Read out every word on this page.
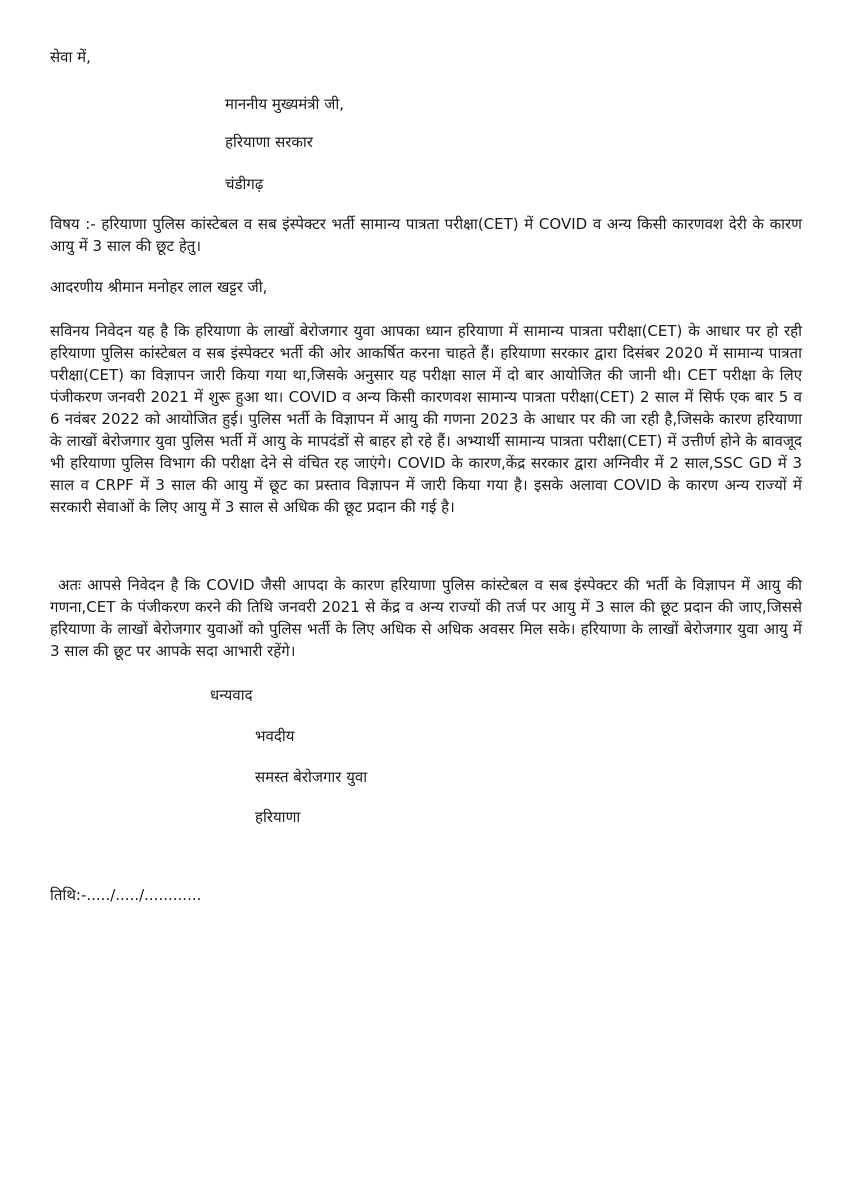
सेवा में,
माननीय मुख्यमंत्री जी,
हरियाणा सरकार
चंडीगढ़
विषय :- हरियाणा पुलिस कांस्टेबल व सब इंस्पेक्टर भर्ती सामान्य पात्रता परीक्षा(CET) में COVID व अन्य किसी कारणवश देरी के कारण आयु में 3 साल की छूट हेतु।
आदरणीय श्रीमान मनोहर लाल खट्टर जी,
सविनय निवेदन यह है कि हरियाणा के लाखों बेरोजगार युवा आपका ध्यान हरियाणा में सामान्य पात्रता परीक्षा(CET) के आधार पर हो रही हरियाणा पुलिस कांस्टेबल व सब इंस्पेक्टर भर्ती की ओर आकर्षित करना चाहते हैं। हरियाणा सरकार द्वारा दिसंबर 2020 में सामान्य पात्रता परीक्षा(CET) का विज्ञापन जारी किया गया था,जिसके अनुसार यह परीक्षा साल में दो बार आयोजित की जानी थी। CET परीक्षा के लिए पंजीकरण जनवरी 2021 में शुरू हुआ था। COVID व अन्य किसी कारणवश सामान्य पात्रता परीक्षा(CET) 2 साल में सिर्फ एक बार 5 व 6 नवंबर 2022 को आयोजित हुई। पुलिस भर्ती के विज्ञापन में आयु की गणना 2023 के आधार पर की जा रही है,जिसके कारण हरियाणा के लाखों बेरोजगार युवा पुलिस भर्ती में आयु के मापदंडों से बाहर हो रहे हैं। अभ्यार्थी सामान्य पात्रता परीक्षा(CET) में उत्तीर्ण होने के बावजूद भी हरियाणा पुलिस विभाग की परीक्षा देने से वंचित रह जाएंगे। COVID के कारण,केंद्र सरकार द्वारा अग्निवीर में 2 साल,SSC GD में 3 साल व CRPF में 3 साल की आयु में छूट का प्रस्ताव विज्ञापन में जारी किया गया है। इसके अलावा COVID के कारण अन्य राज्यों में सरकारी सेवाओं के लिए आयु में 3 साल से अधिक की छूट प्रदान की गई है।
अतः आपसे निवेदन है कि COVID जैसी आपदा के कारण हरियाणा पुलिस कांस्टेबल व सब इंस्पेक्टर की भर्ती के विज्ञापन में आयु की गणना,CET के पंजीकरण करने की तिथि जनवरी 2021 से केंद्र व अन्य राज्यों की तर्ज पर आयु में 3 साल की छूट प्रदान की जाए,जिससे हरियाणा के लाखों बेरोजगार युवाओं को पुलिस भर्ती के लिए अधिक से अधिक अवसर मिल सके। हरियाणा के लाखों बेरोजगार युवा आयु में 3 साल की छूट पर आपके सदा आभारी रहेंगे।
धन्यवाद
भवदीय
समस्त बेरोजगार युवा
हरियाणा
तिथि:-...../...../............
